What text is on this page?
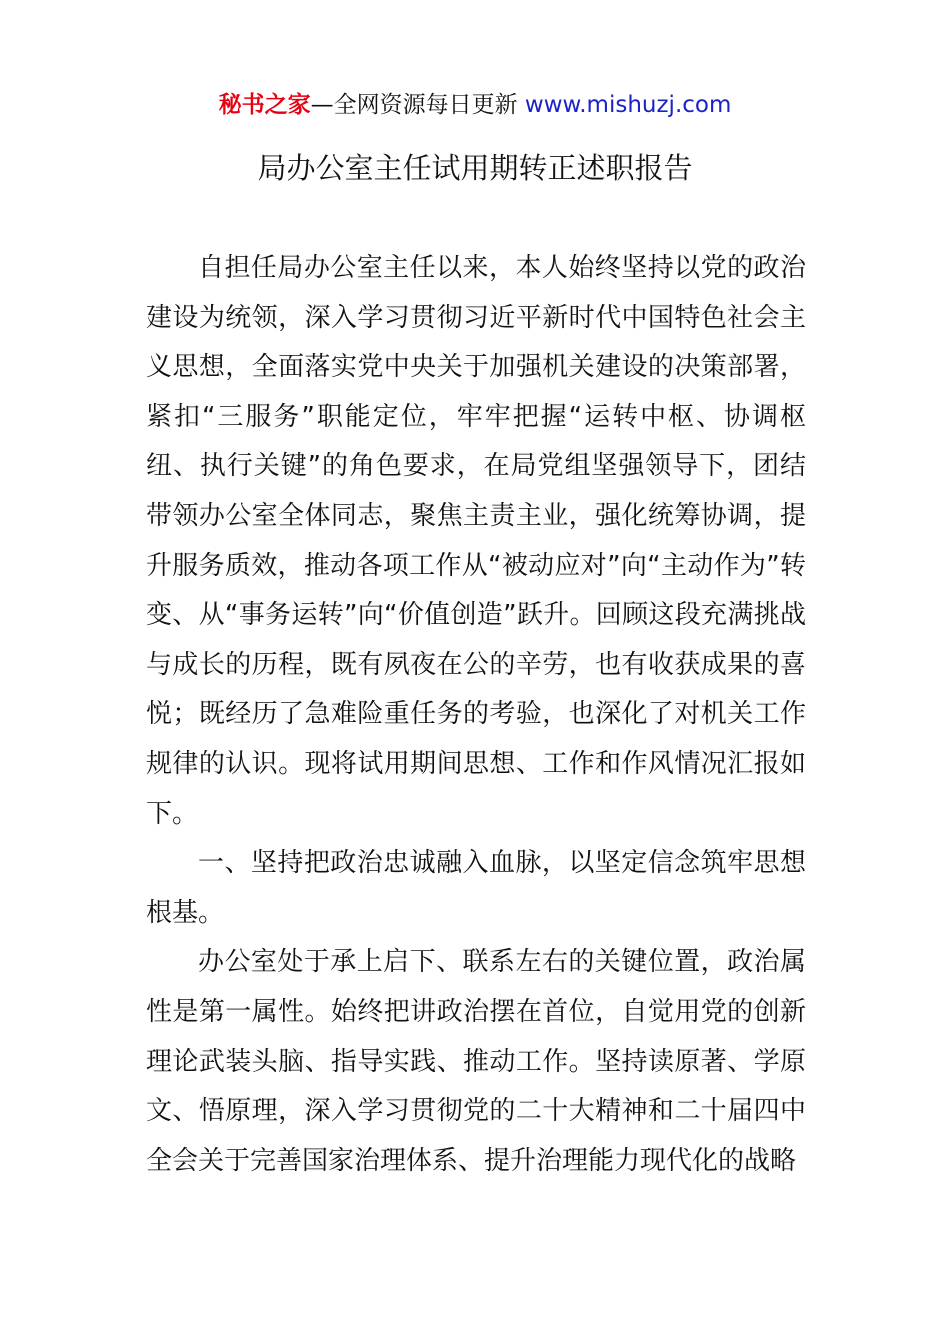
秘书之家—全网资源每日更新 www.mishuzj.com
局办公室主任试用期转正述职报告

自担任局办公室主任以来，本人始终坚持以党的政治建设为统领，深入学习贯彻习近平新时代中国特色社会主义思想，全面落实党中央关于加强机关建设的决策部署，紧扣“三服务”职能定位，牢牢把握“运转中枢、协调枢纽、执行关键”的角色要求，在局党组坚强领导下，团结带领办公室全体同志，聚焦主责主业，强化统筹协调，提升服务质效，推动各项工作从“被动应对”向“主动作为”转变、从“事务运转”向“价值创造”跃升。回顾这段充满挑战与成长的历程，既有夙夜在公的辛劳，也有收获成果的喜悦；既经历了急难险重任务的考验，也深化了对机关工作规律的认识。现将试用期间思想、工作和作风情况汇报如下。

一、坚持把政治忠诚融入血脉，以坚定信念筑牢思想根基。

办公室处于承上启下、联系左右的关键位置，政治属性是第一属性。始终把讲政治摆在首位，自觉用党的创新理论武装头脑、指导实践、推动工作。坚持读原著、学原文、悟原理，深入学习贯彻党的二十大精神和二十届四中全会关于完善国家治理体系、提升治理能力现代化的战略
